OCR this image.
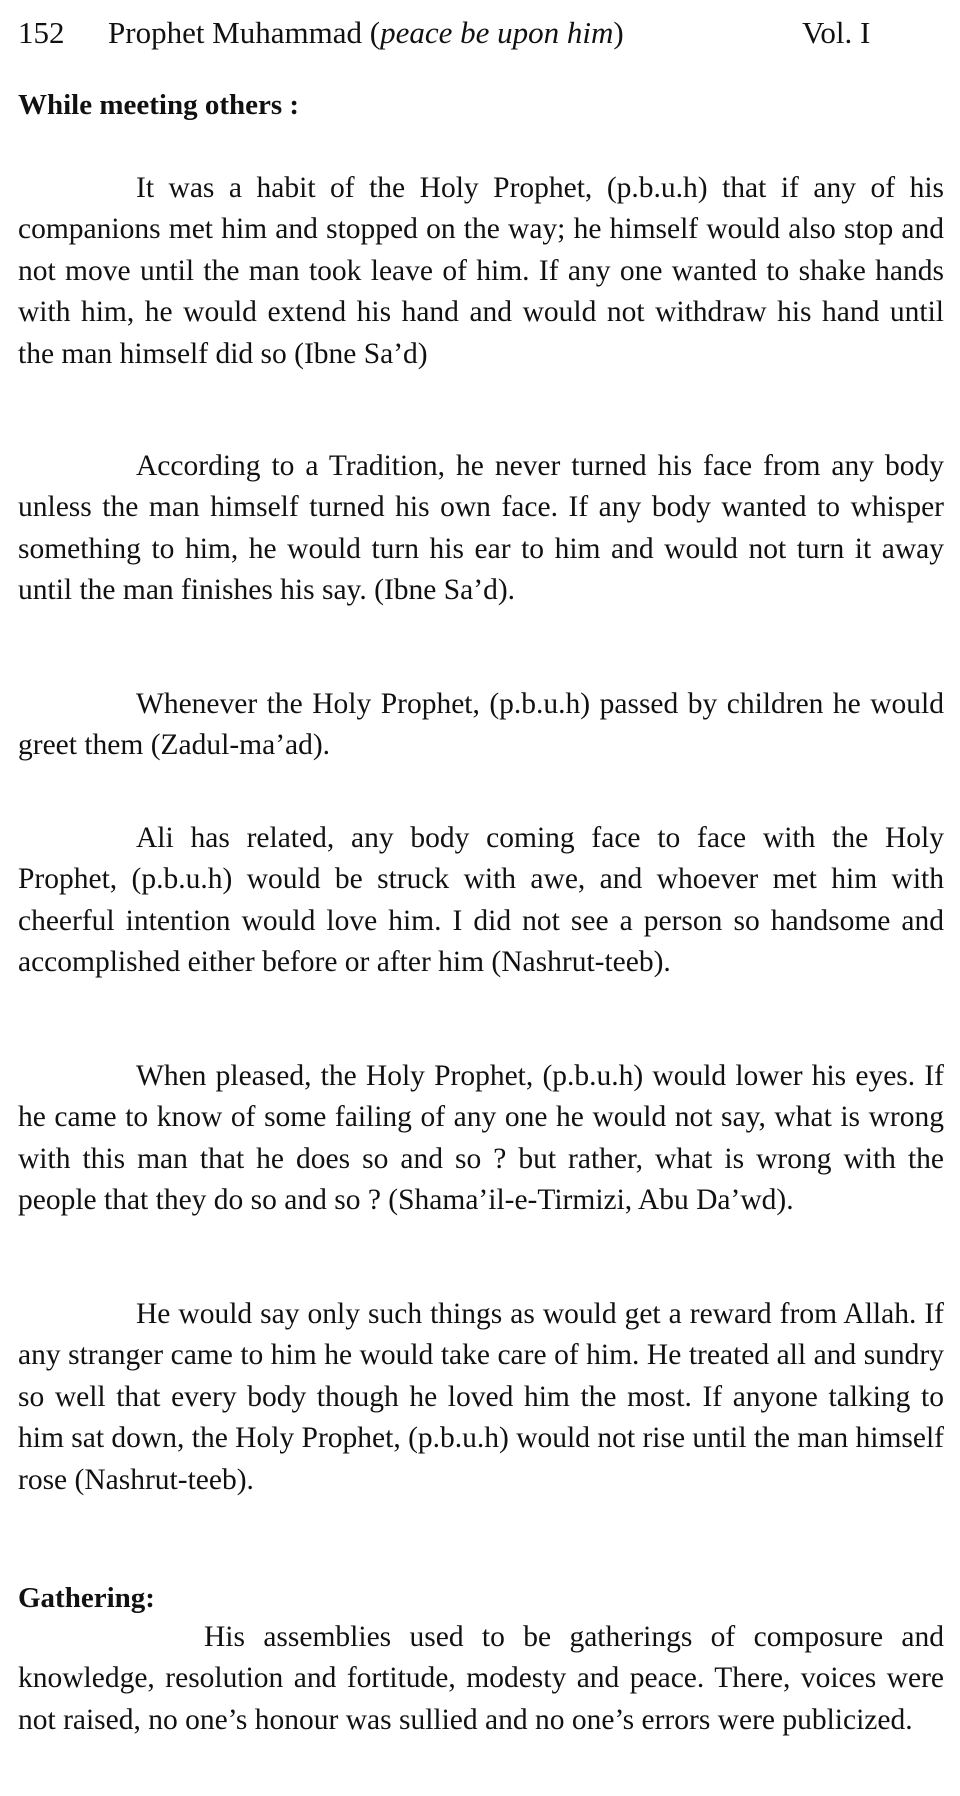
152 Prophet Muhammad (peace be upon him)	Vol. I
While meeting others :

It was a habit of the Holy Prophet, (p.b.u.h) that if any of his companions met him and stopped on the way; he himself would also stop and not move until the man took leave of him. If any one wanted to shake hands with him, he would extend his hand and would not withdraw his hand until the man himself did so (Ibne Sa’d)

According to a Tradition, he never turned his face from any body unless the man himself turned his own face. If any body wanted to whisper something to him, he would turn his ear to him and would not turn it away until the man finishes his say. (Ibne Sa’d).

Whenever the Holy Prophet, (p.b.u.h) passed by children he would greet them (Zadul-ma’ad).

Ali has related, any body coming face to face with the Holy Prophet, (p.b.u.h) would be struck with awe, and whoever met him with cheerful intention would love him. I did not see a person so handsome and accomplished either before or after him (Nashrut-teeb).

When pleased, the Holy Prophet, (p.b.u.h) would lower his eyes. If he came to know of some failing of any one he would not say, what is wrong with this man that he does so and so ? but rather, what is wrong with the people that they do so and so ? (Shama’il-e-Tirmizi, Abu Da’wd).

He would say only such things as would get a reward from Allah. If any stranger came to him he would take care of him. He treated all and sundry so well that every body though he loved him the most. If anyone talking to him sat down, the Holy Prophet, (p.b.u.h) would not rise until the man himself rose (Nashrut-teeb).

Gathering:

His assemblies used to be gatherings of composure and knowledge, resolution and fortitude, modesty and peace. There, voices were not raised, no one’s honour was sullied and no one’s errors were publicized.
